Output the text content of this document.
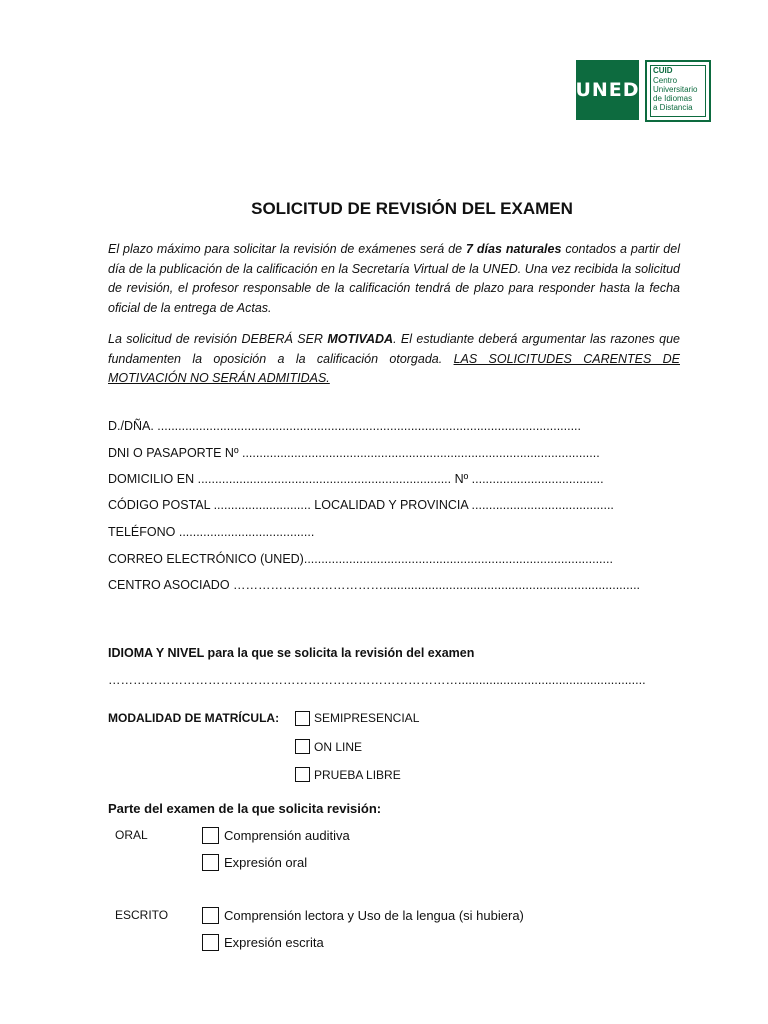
UNED
CUID
Centro
Universitario
de Idiomas
a Distancia
SOLICITUD DE REVISIÓN DEL EXAMEN
El plazo máximo para solicitar la revisión de exámenes será de 7 días naturales contados a partir del día de la publicación de la calificación en la Secretaría Virtual de la UNED. Una vez recibida la solicitud de revisión, el profesor responsable de la calificación tendrá de plazo para responder hasta la fecha oficial de la entrega de Actas.
La solicitud de revisión DEBERÁ SER MOTIVADA. El estudiante deberá argumentar las razones que fundamenten la oposición a la calificación otorgada. LAS SOLICITUDES CARENTES DE MOTIVACIÓN NO SERÁN ADMITIDAS.
D./DÑA. ..........................................................................................................................
DNI O PASAPORTE Nº .......................................................................................................
DOMICILIO EN ......................................................................... Nº ......................................
CÓDIGO POSTAL ............................ LOCALIDAD Y PROVINCIA .........................................
TELÉFONO .......................................
CORREO ELECTRÓNICO (UNED).........................................................................................
CENTRO ASOCIADO ………………………………..........................................................................
IDIOMA Y NIVEL para la que se solicita la revisión del examen
…………………………………………………………………………......................................................
MODALIDAD DE MATRÍCULA:	SEMIPRESENCIAL
ON LINE
PRUEBA LIBRE
Parte del examen de la que solicita revisión:
ORAL	Comprensión auditiva
Expresión oral
ESCRITO	Comprensión lectora y Uso de la lengua (si hubiera)
Expresión escrita
